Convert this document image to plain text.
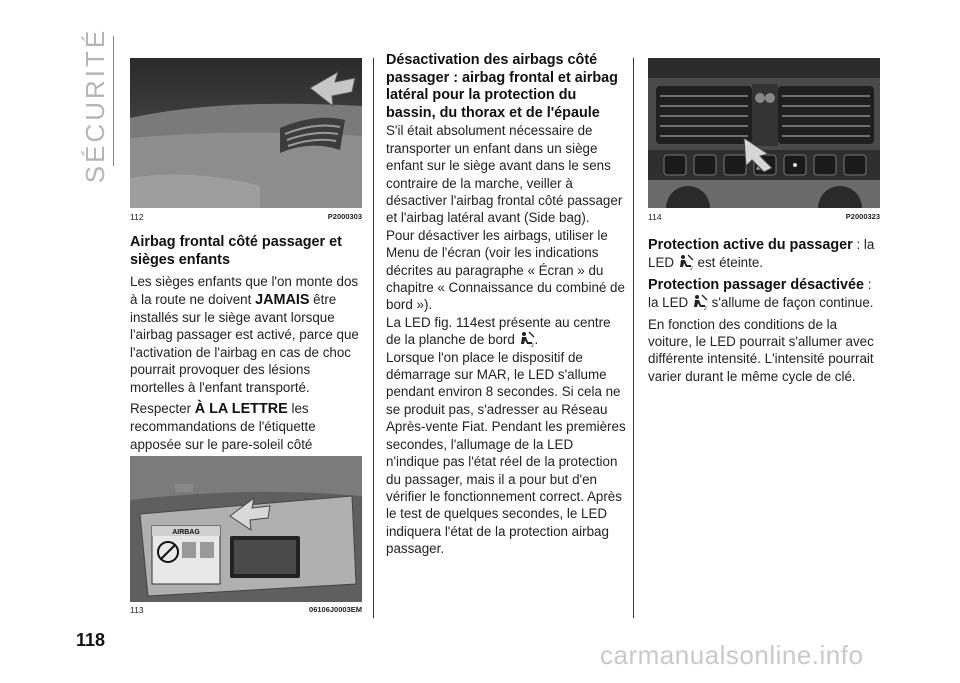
SÉCURITÉ
112	P2000303

Airbag frontal côté passager et sièges enfants

Les sièges enfants que l'on monte dos à la route ne doivent JAMAIS être installés sur le siège avant lorsque l'airbag passager est activé, parce que l'activation de l'airbag en cas de choc pourrait provoquer des lésions mortelles à l'enfant transporté.

Respecter À LA LETTRE les recommandations de l'étiquette apposée sur le pare-soleil côté

AIRBAG
113	06106J0003EM

Désactivation des airbags côté passager : airbag frontal et airbag latéral pour la protection du bassin, du thorax et de l'épaule

S'il était absolument nécessaire de transporter un enfant dans un siège enfant sur le siège avant dans le sens contraire de la marche, veiller à désactiver l'airbag frontal côté passager et l'airbag latéral avant (Side bag).

Pour désactiver les airbags, utiliser le Menu de l'écran (voir les indications décrites au paragraphe « Écran » du chapitre « Connaissance du combiné de bord »).

La LED fig. 114est présente au centre de la planche de bord	2 .

Lorsque l'on place le dispositif de démarrage sur MAR, le LED s'allume pendant environ 8 secondes. Si cela ne se produit pas, s'adresser au Réseau Après-vente Fiat. Pendant les premières secondes, l'allumage de la LED n'indique pas l'état réel de la protection du passager, mais il a pour but d'en vérifier le fonctionnement correct. Après le test de quelques secondes, le LED indiquera l'état de la protection airbag passager.

114	P2000323

Protection active du passager : la LED 2 est éteinte.

Protection passager désactivée : la LED 2 s'allume de façon continue.

En fonction des conditions de la voiture, le LED pourrait s'allumer avec différente intensité. L'intensité pourrait varier durant le même cycle de clé.

118	carmanualsonline.info
